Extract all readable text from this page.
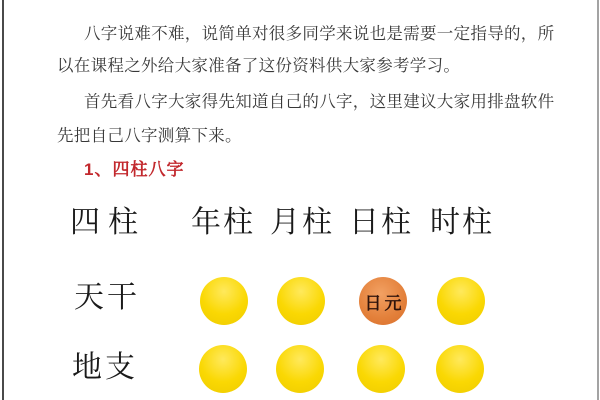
八字说难不难，说简单对很多同学来说也是需要一定指导的，所
以在课程之外给大家准备了这份资料供大家参考学习。
首先看八字大家得先知道自己的八字，这里建议大家用排盘软件
先把自己八字测算下来。
1、四柱八字
四柱	年柱 月柱 日柱 时柱
天干
地支
日元
